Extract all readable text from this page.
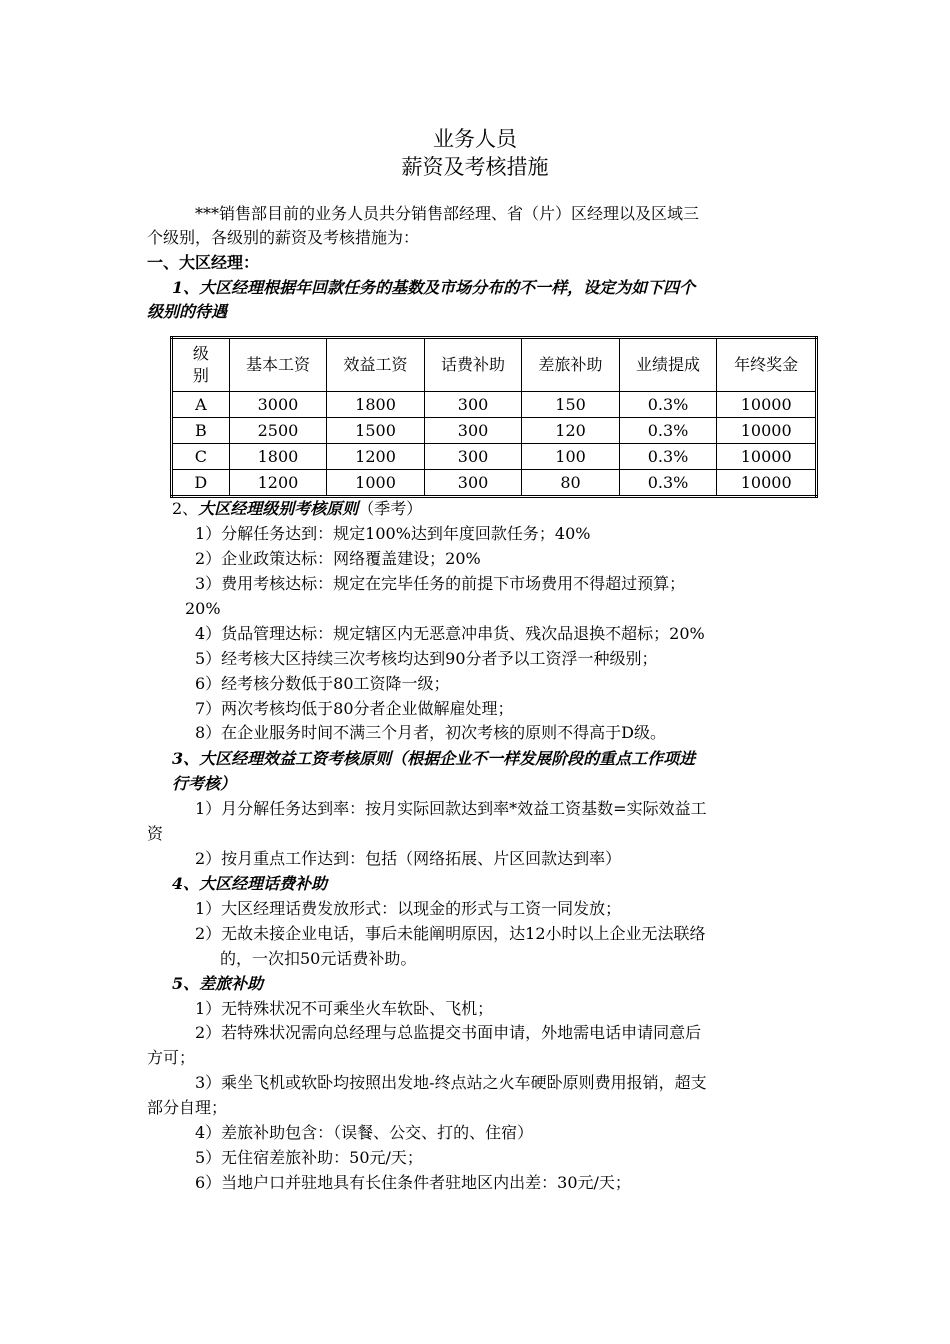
业务人员
薪资及考核措施
***销售部目前的业务人员共分销售部经理、省（片）区经理以及区域三
个级别，各级别的薪资及考核措施为：
一、大区经理：
1、大区经理根据年回款任务的基数及市场分布的不一样，设定为如下四个
级别的待遇
级
别	基本工资	效益工资	话费补助	差旅补助	业绩提成	年终奖金
A	3000	1800	300	150	0.3%	10000
B	2500	1500	300	120	0.3%	10000
C	1800	1200	300	100	0.3%	10000
D	1200	1000	300	80	0.3%	10000
2、大区经理级别考核原则（季考）
1）分解任务达到：规定100%达到年度回款任务；40%
2）企业政策达标：网络覆盖建设；20%
3）费用考核达标：规定在完毕任务的前提下市场费用不得超过预算；
20%
4）货品管理达标：规定辖区内无恶意冲串货、残次品退换不超标；20%
5）经考核大区持续三次考核均达到90分者予以工资浮一种级别；
6）经考核分数低于80工资降一级；
7）两次考核均低于80分者企业做解雇处理；
8）在企业服务时间不满三个月者，初次考核的原则不得高于D级。
3、大区经理效益工资考核原则（根据企业不一样发展阶段的重点工作项进
行考核）
1）月分解任务达到率：按月实际回款达到率*效益工资基数=实际效益工
资
2）按月重点工作达到：包括（网络拓展、片区回款达到率）
4、大区经理话费补助
1）大区经理话费发放形式：以现金的形式与工资一同发放；
2）无故未接企业电话，事后未能阐明原因，达12小时以上企业无法联络
的，一次扣50元话费补助。
5、差旅补助
1）无特殊状况不可乘坐火车软卧、飞机；
2）若特殊状况需向总经理与总监提交书面申请，外地需电话申请同意后
方可；
3）乘坐飞机或软卧均按照出发地-终点站之火车硬卧原则费用报销，超支
部分自理；
4）差旅补助包含：（误餐、公交、打的、住宿）
5）无住宿差旅补助：50元/天；
6）当地户口并驻地具有长住条件者驻地区内出差：30元/天；
